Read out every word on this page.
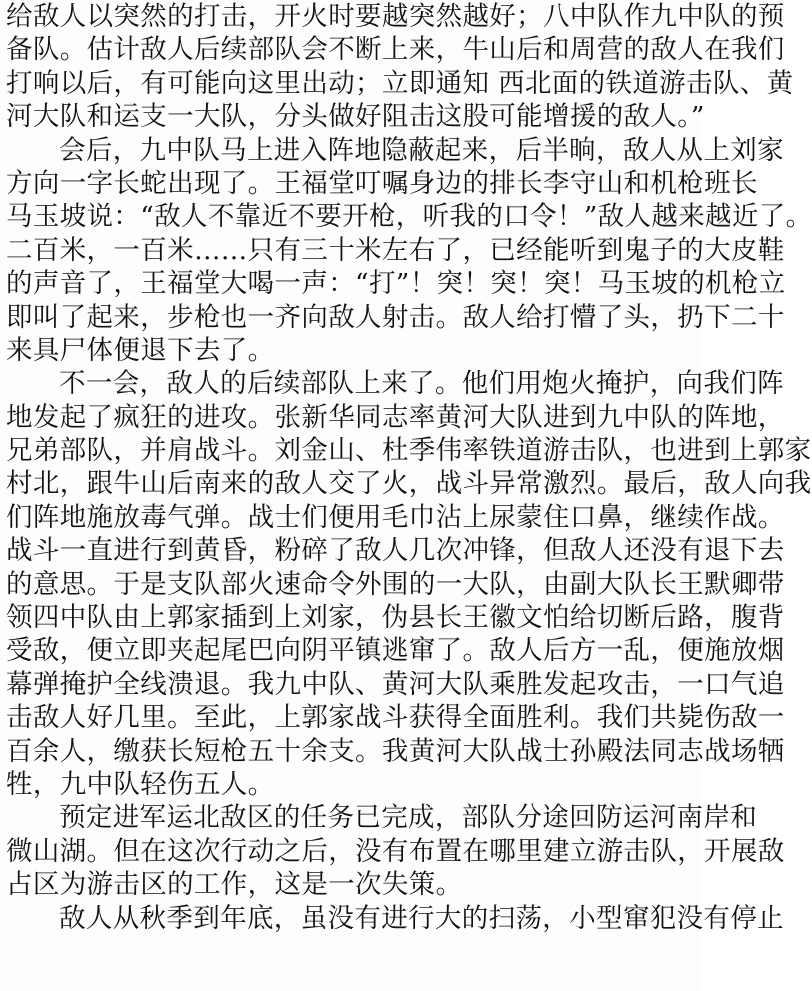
给敌人以突然的打击，开火时要越突然越好；八中队作九中队的预
备队。估计敌人后续部队会不断上来，牛山后和周营的敌人在我们
打响以后，有可能向这里出动；立即通知 西北面的铁道游击队、黄
河大队和运支一大队，分头做好阻击这股可能增援的敌人。”
会后，九中队马上进入阵地隐蔽起来，后半晌，敌人从上刘家
方向一字长蛇出现了。王福堂叮嘱身边的排长李守山和机枪班长
马玉坡说：“敌人不靠近不要开枪，听我的口令！”敌人越来越近了。
二百米，一百米……只有三十米左右了，已经能听到鬼子的大皮鞋
的声音了，王福堂大喝一声：“打”！突！突！突！马玉坡的机枪立
即叫了起来，步枪也一齐向敌人射击。敌人给打懵了头，扔下二十
来具尸体便退下去了。
不一会，敌人的后续部队上来了。他们用炮火掩护，向我们阵
地发起了疯狂的进攻。张新华同志率黄河大队进到九中队的阵地，
兄弟部队，并肩战斗。刘金山、杜季伟率铁道游击队，也进到上郭家
村北，跟牛山后南来的敌人交了火，战斗异常激烈。最后，敌人向我
们阵地施放毒气弹。战士们便用毛巾沾上尿蒙住口鼻，继续作战。
战斗一直进行到黄昏，粉碎了敌人几次冲锋，但敌人还没有退下去
的意思。于是支队部火速命令外围的一大队，由副大队长王默卿带
领四中队由上郭家插到上刘家，伪县长王徽文怕给切断后路，腹背
受敌，便立即夹起尾巴向阴平镇逃窜了。敌人后方一乱，便施放烟
幕弹掩护全线溃退。我九中队、黄河大队乘胜发起攻击，一口气追
击敌人好几里。至此，上郭家战斗获得全面胜利。我们共毙伤敌一
百余人，缴获长短枪五十余支。我黄河大队战士孙殿法同志战场牺
牲，九中队轻伤五人。
预定进军运北敌区的任务已完成，部队分途回防运河南岸和
微山湖。但在这次行动之后，没有布置在哪里建立游击队，开展敌
占区为游击区的工作，这是一次失策。
敌人从秋季到年底，虽没有进行大的扫荡，小型窜犯没有停止
